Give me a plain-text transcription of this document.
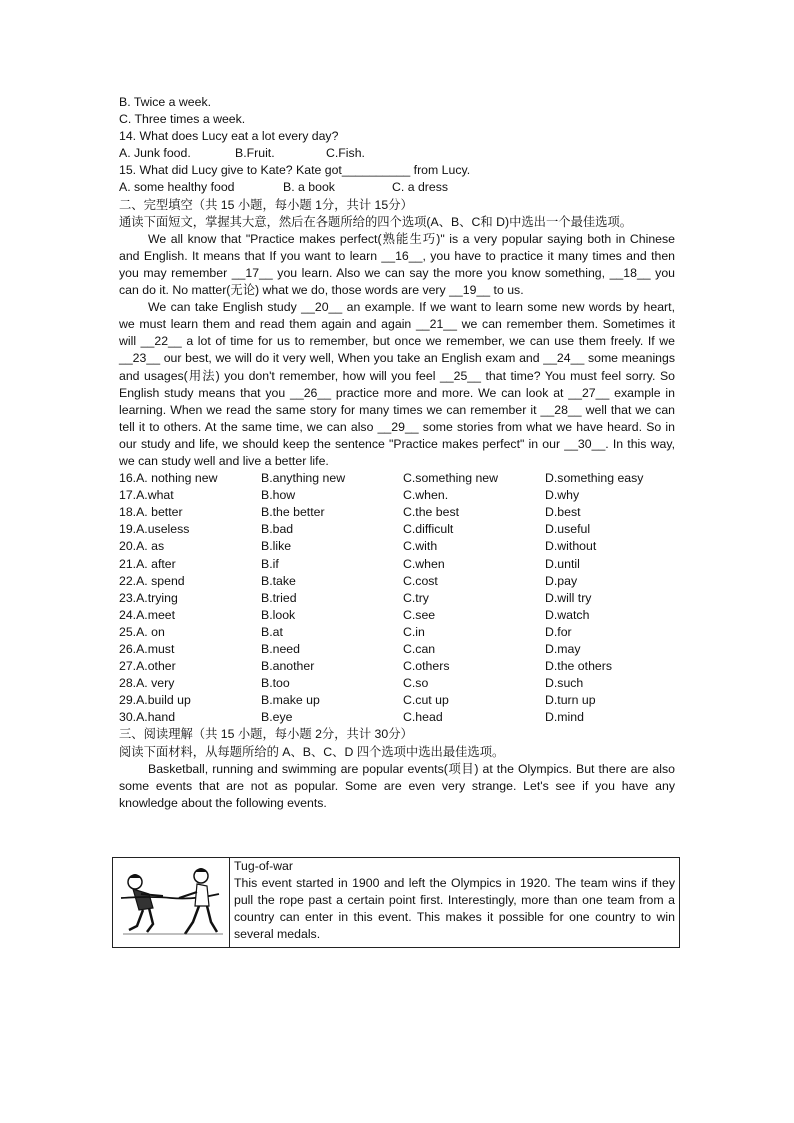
B. Twice a week.
C. Three times a week.
14. What does Lucy eat a lot every day?
A. Junk food.	B.Fruit.	C.Fish.
15. What did Lucy give to Kate? Kate got__________ from Lucy.
A. some healthy food	B. a book	C. a dress
二、完型填空（共 15 小题，每小题 1分，共计 15分）
通读下面短文，掌握其大意，然后在各题所给的四个选项(A、B、C和 D)中选出一个最佳选项。
We all know that "Practice makes perfect(熟能生巧)" is a very popular saying both in Chinese and English. It means that If you want to learn __16__, you have to practice it many times and then you may remember __17__ you learn. Also we can say the more you know something, __18__ you can do it. No matter(无论) what we do, those words are very __19__ to us.
We can take English study __20__ an example. If we want to learn some new words by heart, we must learn them and read them again and again __21__ we can remember them. Sometimes it will __22__ a lot of time for us to remember, but once we remember, we can use them freely. If we __23__ our best, we will do it very well, When you take an English exam and __24__ some meanings and usages(用法) you don't remember, how will you feel __25__ that time? You must feel sorry. So English study means that you __26__ practice more and more. We can look at __27__ example in learning. When we read the same story for many times we can remember it __28__ well that we can tell it to others. At the same time, we can also __29__ some stories from what we have heard. So in our study and life, we should keep the sentence "Practice makes perfect" in our __30__. In this way, we can study well and live a better life.
16.A. nothing new	B.anything new	C.something new	D.something easy
17.A.what	B.how	C.when.	D.why
18.A. better	B.the better	C.the best	D.best
19.A.useless	B.bad	C.difficult	D.useful
20.A. as	B.like	C.with	D.without
21.A. after	B.if	C.when	D.until
22.A. spend	B.take	C.cost	D.pay
23.A.trying	B.tried	C.try	D.will try
24.A.meet	B.look	C.see	D.watch
25.A. on	B.at	C.in	D.for
26.A.must	B.need	C.can	D.may
27.A.other	B.another	C.others	D.the others
28.A. very	B.too	C.so	D.such
29.A.build up	B.make up	C.cut up	D.turn up
30.A.hand	B.eye	C.head	D.mind
三、阅读理解（共 15 小题，每小题 2分，共计 30分）
阅读下面材料，从每题所给的 A、B、C、D 四个选项中选出最佳选项。
Basketball, running and swimming are popular events(项目) at the Olympics. But there are also some events that are not as popular. Some are even very strange. Let's see if you have any knowledge about the following events.

Tug-of-war
This event started in 1900 and left the Olympics in 1920. The team wins if they pull the rope past a certain point first. Interestingly, more than one team from a country can enter in this event. This makes it possible for one country to win several medals.
